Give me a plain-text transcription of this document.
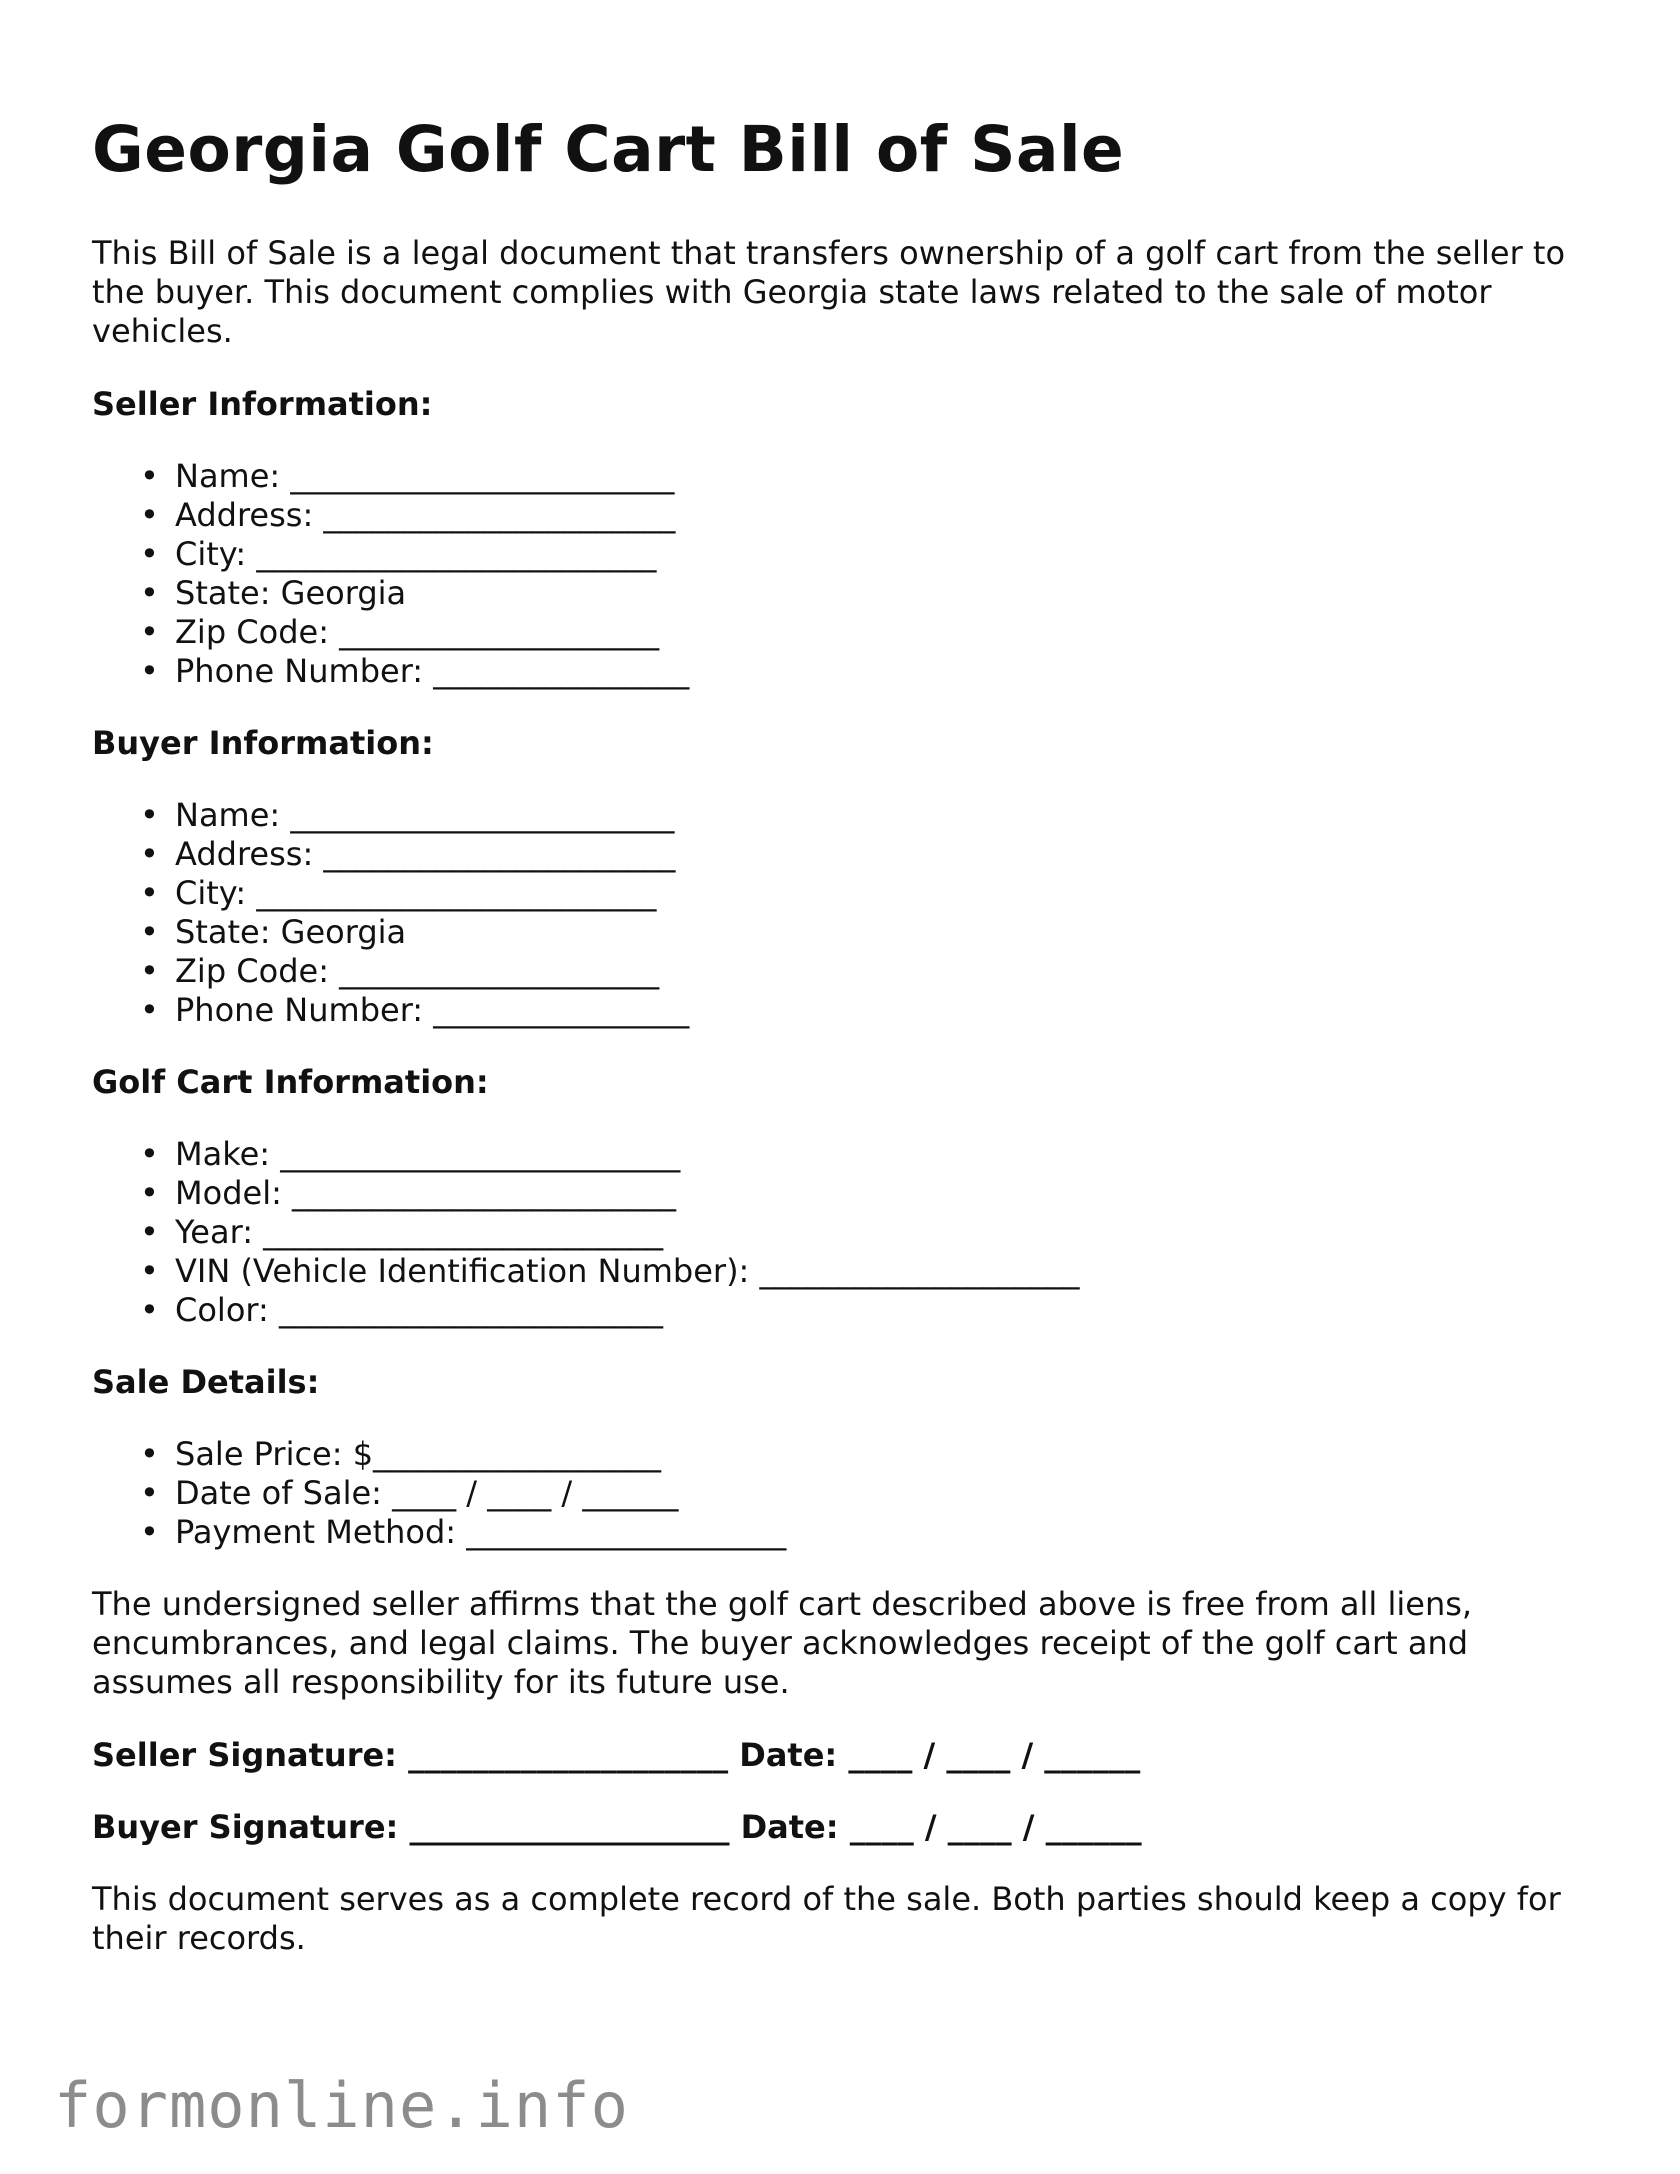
Georgia Golf Cart Bill of Sale

This Bill of Sale is a legal document that transfers ownership of a golf cart from the seller to the buyer. This document complies with Georgia state laws related to the sale of motor vehicles.

Seller Information:
• Name: ________________________
• Address: ______________________
• City: _________________________
• State: Georgia
• Zip Code: ____________________
• Phone Number: ________________
Buyer Information:
• Name: ________________________
• Address: ______________________
• City: _________________________
• State: Georgia
• Zip Code: ____________________
• Phone Number: ________________
Golf Cart Information:
• Make: _________________________
• Model: ________________________
• Year: _________________________
• VIN (Vehicle Identification Number): ____________________
• Color: ________________________
Sale Details:
• Sale Price: $__________________
• Date of Sale: ____ / ____ / ______
• Payment Method: ____________________

The undersigned seller affirms that the golf cart described above is free from all liens, encumbrances, and legal claims. The buyer acknowledges receipt of the golf cart and assumes all responsibility for its future use.

Seller Signature: ____________________ Date: ____ / ____ / ______
Buyer Signature: ____________________ Date: ____ / ____ / ______

This document serves as a complete record of the sale. Both parties should keep a copy for their records.

formonline.info
